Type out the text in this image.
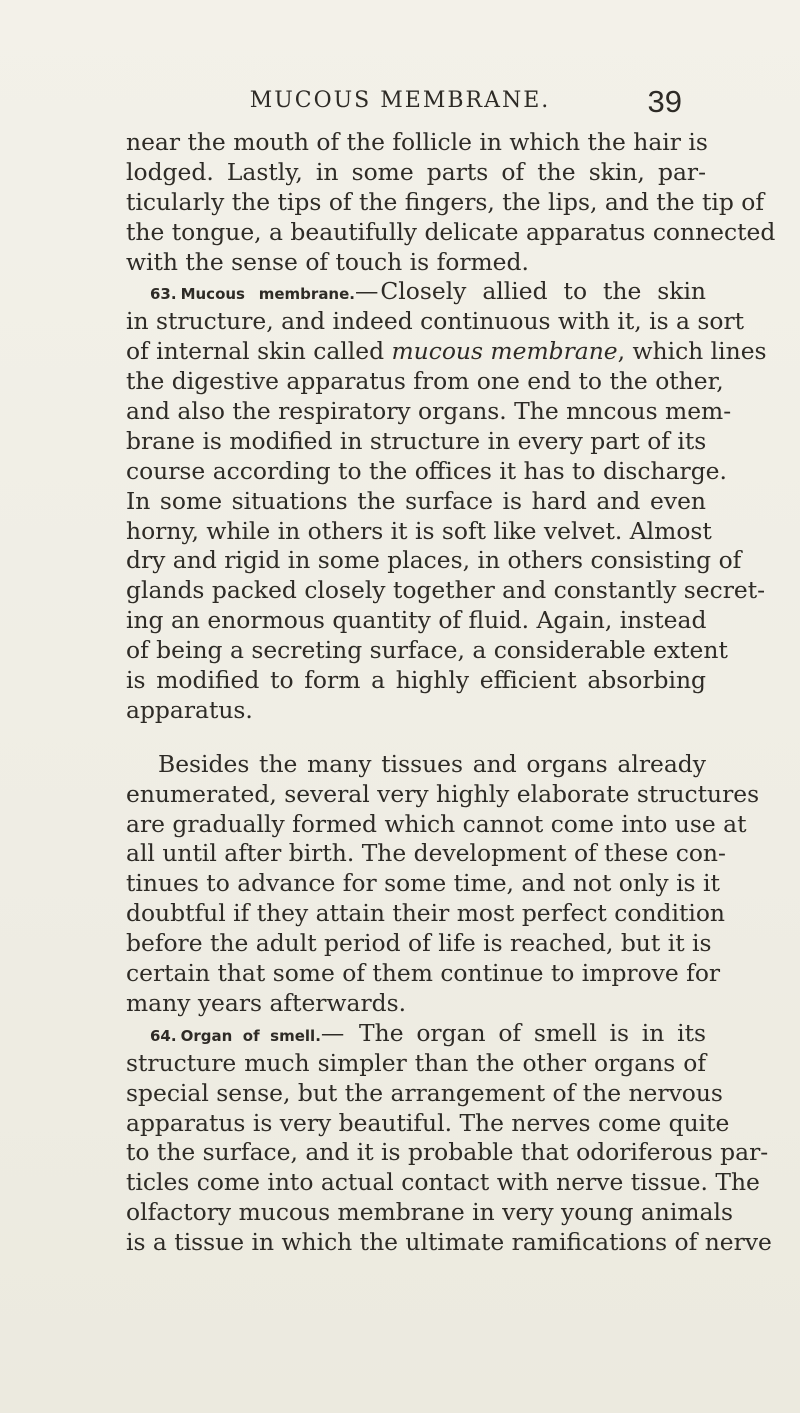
MUCOUS MEMBRANE.	39
near the mouth of the follicle in which the hair is
lodged. Lastly, in some parts of the skin, par-
ticularly the tips of the fingers, the lips, and the tip of
the tongue, a beautifully delicate apparatus connected
with the sense of touch is formed.
63. Mucous membrane.—Closely allied to the skin
in structure, and indeed continuous with it, is a sort
of internal skin called mucous membrane, which lines
the digestive apparatus from one end to the other,
and also the respiratory organs. The mncous mem-
brane is modified in structure in every part of its
course according to the offices it has to discharge.
In some situations the surface is hard and even
horny, while in others it is soft like velvet. Almost
dry and rigid in some places, in others consisting of
glands packed closely together and constantly secret-
ing an enormous quantity of fluid. Again, instead
of being a secreting surface, a considerable extent
is modified to form a highly efficient absorbing
apparatus.
Besides the many tissues and organs already
enumerated, several very highly elaborate structures
are gradually formed which cannot come into use at
all until after birth. The development of these con-
tinues to advance for some time, and not only is it
doubtful if they attain their most perfect condition
before the adult period of life is reached, but it is
certain that some of them continue to improve for
many years afterwards.
64. Organ of smell.— The organ of smell is in its
structure much simpler than the other organs of
special sense, but the arrangement of the nervous
apparatus is very beautiful. The nerves come quite
to the surface, and it is probable that odoriferous par-
ticles come into actual contact with nerve tissue. The
olfactory mucous membrane in very young animals
is a tissue in which the ultimate ramifications of nerve
